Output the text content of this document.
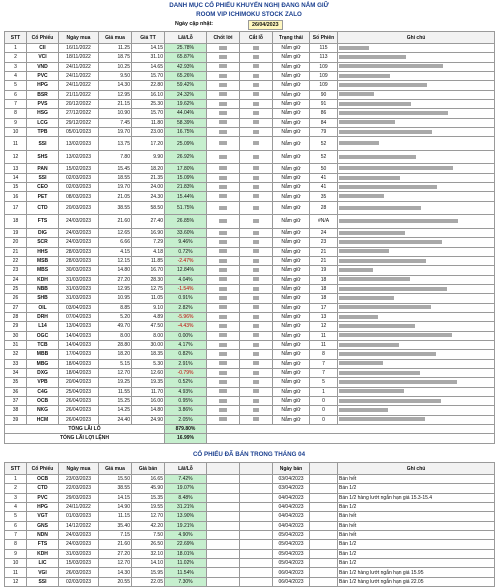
DANH MỤC CỔ PHIẾU KHUYẾN NGHỊ ĐANG NẮM GIỮ
ROOM VIP ICHIMOKU STOCK ZALO
Ngày cập nhật:	26/04/2023
STT	Cổ Phiếu	Ngày mua	Giá mua	Giá TT	Lãi/Lỗ	Chốt lời	Cắt lỗ	Trạng thái	Số Phiên	Ghi chú
1	CII	16/11/2022	11.25	14.15	25.78%			Nắm giữ	115	
2	VCI	18/11/2022	18.75	31.10	65.87%			Nắm giữ	113	
3	VND	24/11/2022	10.25	14.65	42.93%			Nắm giữ	109	
4	PVC	24/11/2022	9.50	15.70	65.26%			Nắm giữ	109	
5	HPG	24/11/2022	14.30	22.80	59.42%			Nắm giữ	109	
6	BSR	21/11/2022	12.95	16.10	24.32%			Nắm giữ	90	
7	PVS	20/12/2022	21.15	25.30	19.62%			Nắm giữ	91	
8	HSG	27/12/2022	10.90	15.70	44.04%			Nắm giữ	86	
9	LCG	29/12/2022	7.45	11.80	58.39%			Nắm giữ	84	
10	TPB	05/01/2023	19.70	23.00	16.75%			Nắm giữ	79	
11	SSI	13/02/2023	13.75	17.20	25.09%			Nắm giữ	52	
12	SHS	13/02/2023	7.80	9.90	26.92%			Nắm giữ	52	
13	PAN	15/02/2023	15.45	18.20	17.80%			Nắm giữ	50	
14	SSI	02/03/2023	18.55	21.35	15.09%			Nắm giữ	41	
15	CEO	02/03/2023	19.70	24.00	21.83%			Nắm giữ	41	
16	PET	08/03/2023	21.05	24.30	15.44%			Nắm giữ	35	
17	CTD	20/03/2023	38.55	58.50	51.75%			Nắm giữ	28	
18	FTS	24/03/2023	21.60	27.40	26.85%			Nắm giữ	#N/A	
19	DIG	24/03/2023	12.65	16.90	33.60%			Nắm giữ	24	
20	SCR	24/03/2023	6.66	7.29	9.46%			Nắm giữ	23	
21	HHS	28/03/2023	4.15	4.18	0.72%			Nắm giữ	21	
22	MSB	28/03/2023	12.15	11.85	-2.47%			Nắm giữ	21	
23	MBS	30/03/2023	14.80	16.70	12.84%			Nắm giữ	19	
24	KDH	31/03/2023	27.20	28.30	4.04%			Nắm giữ	18	
25	NBB	31/03/2023	12.95	12.75	-1.54%			Nắm giữ	18	
26	SHB	31/03/2023	10.95	11.05	0.91%			Nắm giữ	18	
27	OIL	03/04/2023	8.85	9.10	2.82%			Nắm giữ	17	
28	DRH	07/04/2023	5.20	4.89	-5.96%			Nắm giữ	13	
29	L14	13/04/2023	49.70	47.50	-4.43%			Nắm giữ	12	
30	OGC	14/04/2023	8.00	8.00	0.00%			Nắm giữ	11	
31	TCB	14/04/2023	28.80	30.00	4.17%			Nắm giữ	11	
32	MBB	17/04/2023	18.20	18.35	0.82%			Nắm giữ	8	
33	MBG	18/04/2023	5.15	5.30	2.91%			Nắm giữ	7	
34	DXG	18/04/2023	12.70	12.60	-0.79%			Nắm giữ	7	
35	VPB	20/04/2023	19.25	19.35	0.52%			Nắm giữ	5	
36	C4G	25/04/2023	11.55	11.70	4.93%			Nắm giữ	1	
37	OCB	26/04/2023	15.25	16.00	0.95%			Nắm giữ	0	
38	NKG	26/04/2023	14.25	14.80	3.86%			Nắm giữ	0	
39	HCM	26/04/2023	24.40	24.90	2.05%			Nắm giữ	0	
TỔNG LÃI LỖ					879.80%					
TỔNG LÃI LỢI LỆNH					16.99%					
CỔ PHIẾU ĐÃ BÁN TRONG THÁNG 04
STT	Cổ Phiếu	Ngày mua	Giá mua	Giá bán	Lãi/Lỗ			Ngày bán		Ghi chú
1	OCB	23/03/2023	15.50	16.65	7.42%			03/04/2023		Bán hết
2	CTD	22/03/2023	38.55	45.90	19.07%			03/04/2023		Bán 1/2
3	PVC	29/03/2023	14.15	15.35	8.48%			04/04/2023		Bán 1/2 hàng lướt ngắn hạn giá 15.3-15.4
4	HPG	24/11/2022	14.90	19.55	31.21%			04/04/2023		Bán 1/2
5	VGT	01/03/2023	11.15	12.70	13.90%			04/04/2023		Bán hết
6	GNS	14/12/2022	35.40	42.20	19.21%			04/04/2023		Bán hết
7	NDN	24/03/2023	7.15	7.50	4.90%			05/04/2023		Bán hết
8	FTS	24/03/2023	21.60	26.50	22.69%			05/04/2023		Bán 1/2
9	KDH	31/03/2023	27.20	32.10	18.01%			05/04/2023		Bán 1/2
10	LIC	15/03/2023	12.70	14.10	11.02%			05/04/2023		Bán 1/2
11	VGI	26/03/2023	14.30	15.95	11.54%			06/04/2023		Bán 1/2 hàng lướt ngắn hạn giá 15.95
12	SSI	02/03/2023	20.55	22.05	7.30%			06/04/2023		Bán 1/2 hàng lướt ngắn hạn giá 22.05
